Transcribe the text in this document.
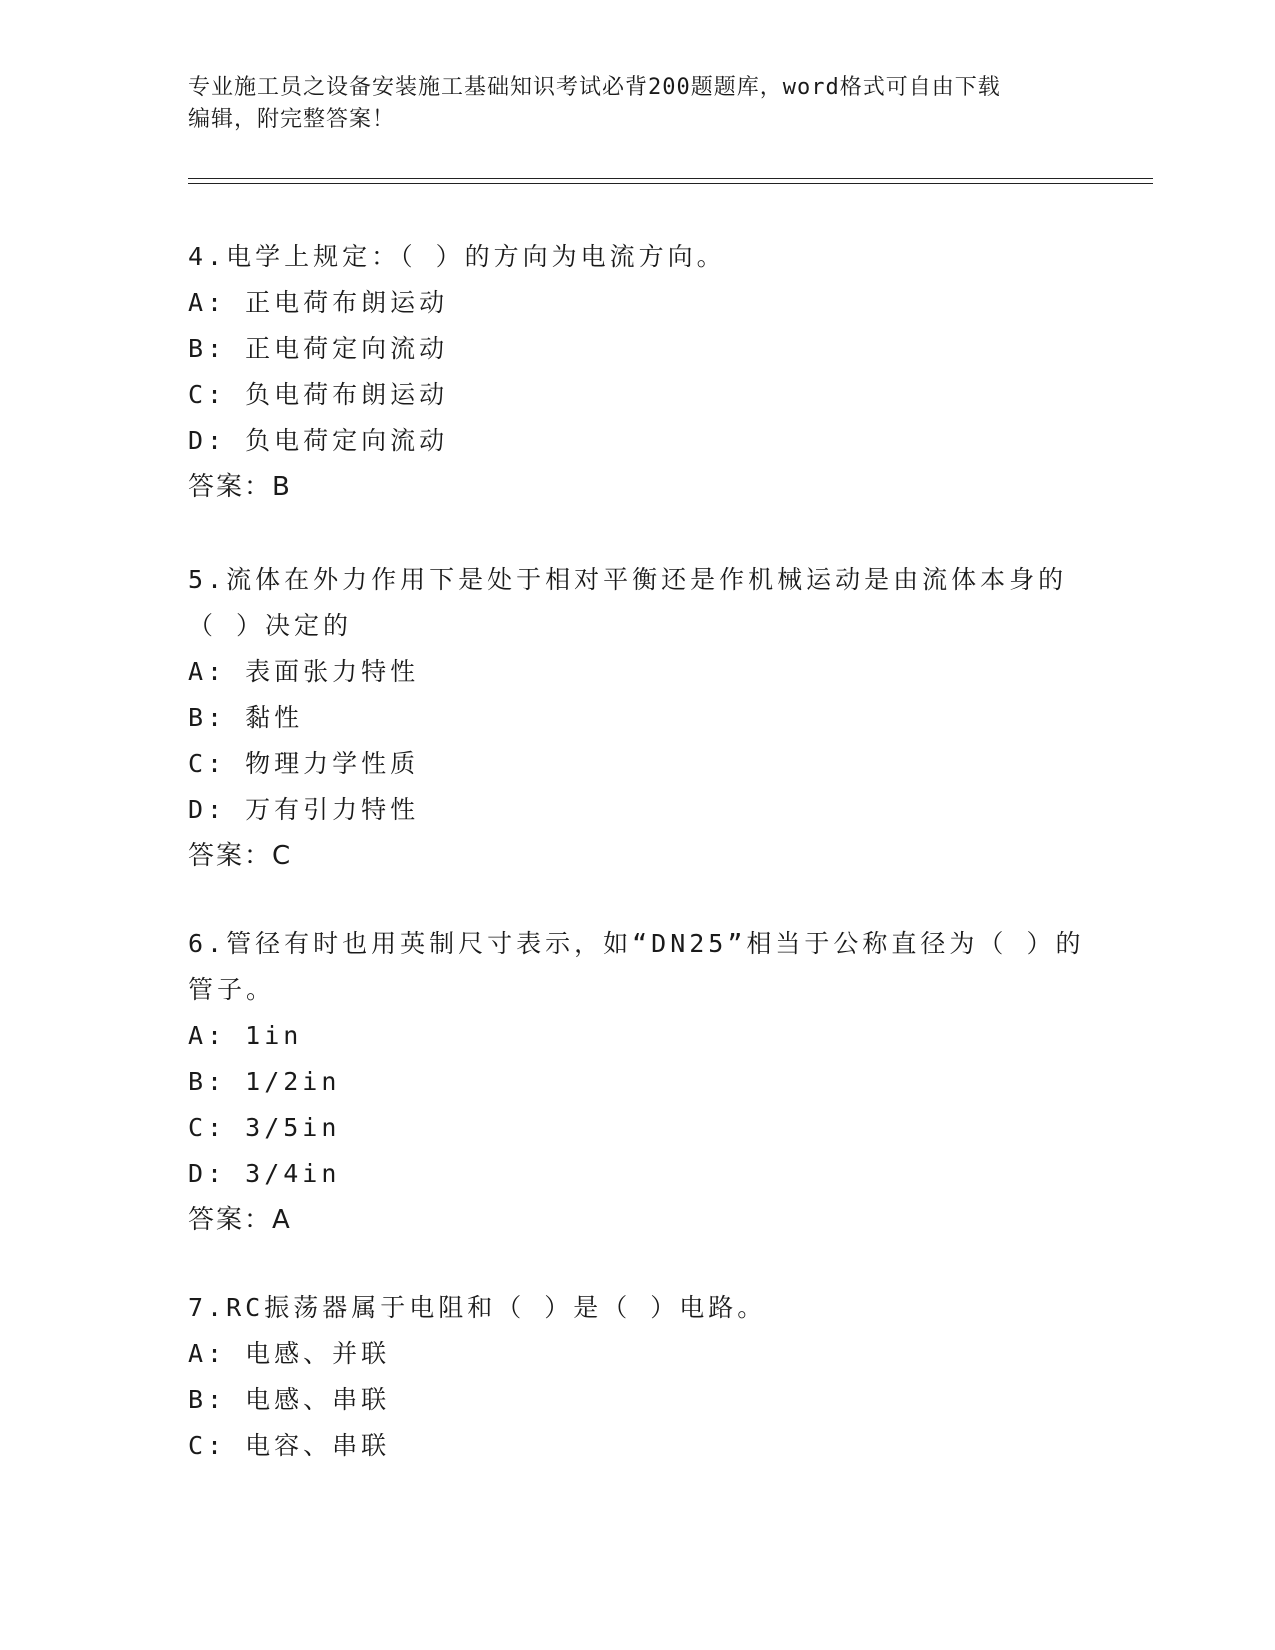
专业施工员之设备安装施工基础知识考试必背200题题库，word格式可自由下载
编辑，附完整答案！
4.电学上规定：（ ）的方向为电流方向。
A: 正电荷布朗运动
B: 正电荷定向流动
C: 负电荷布朗运动
D: 负电荷定向流动
答案：B
5.流体在外力作用下是处于相对平衡还是作机械运动是由流体本身的
（ ）决定的
A: 表面张力特性
B: 黏性
C: 物理力学性质
D: 万有引力特性
答案：C
6.管径有时也用英制尺寸表示，如“DN25”相当于公称直径为（ ）的
管子。
A: 1in
B: 1/2in
C: 3/5in
D: 3/4in
答案：A
7.RC振荡器属于电阻和（ ）是（ ）电路。
A: 电感、并联
B: 电感、串联
C: 电容、串联
